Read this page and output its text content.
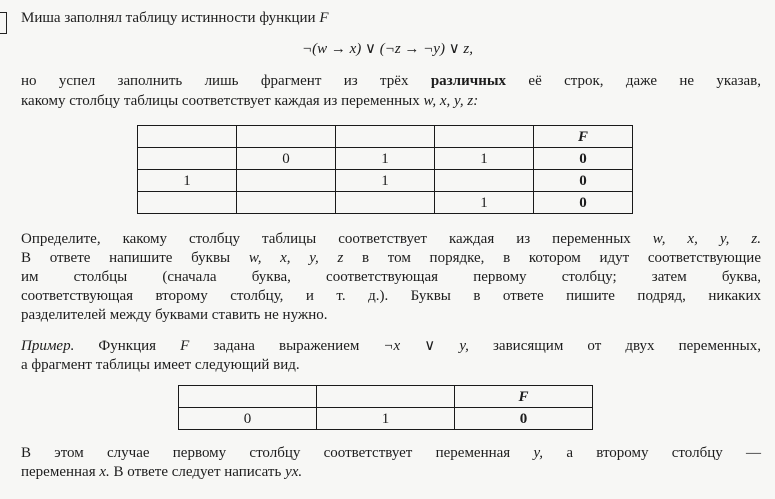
Миша заполнял таблицу истинности функции F
¬(w → x) ∨ (¬z → ¬y) ∨ z,
но успел заполнить лишь фрагмент из трёх различных её строк, даже не указав,
какому столбцу таблицы соответствует каждая из переменных w, x, y, z:
				F
	0	1	1	0
1		1		0
			1	0
Определите, какому столбцу таблицы соответствует каждая из переменных w, x, y, z.
В ответе напишите буквы w, x, y, z в том порядке, в котором идут соответствующие
им столбцы (сначала буква, соответствующая первому столбцу; затем буква,
соответствующая второму столбцу, и т. д.). Буквы в ответе пишите подряд, никаких
разделителей между буквами ставить не нужно.
Пример. Функция F задана выражением ¬x ∨ y, зависящим от двух переменных,
а фрагмент таблицы имеет следующий вид.
		F
0	1	0
В этом случае первому столбцу соответствует переменная y, а второму столбцу —
переменная x. В ответе следует написать yx.
